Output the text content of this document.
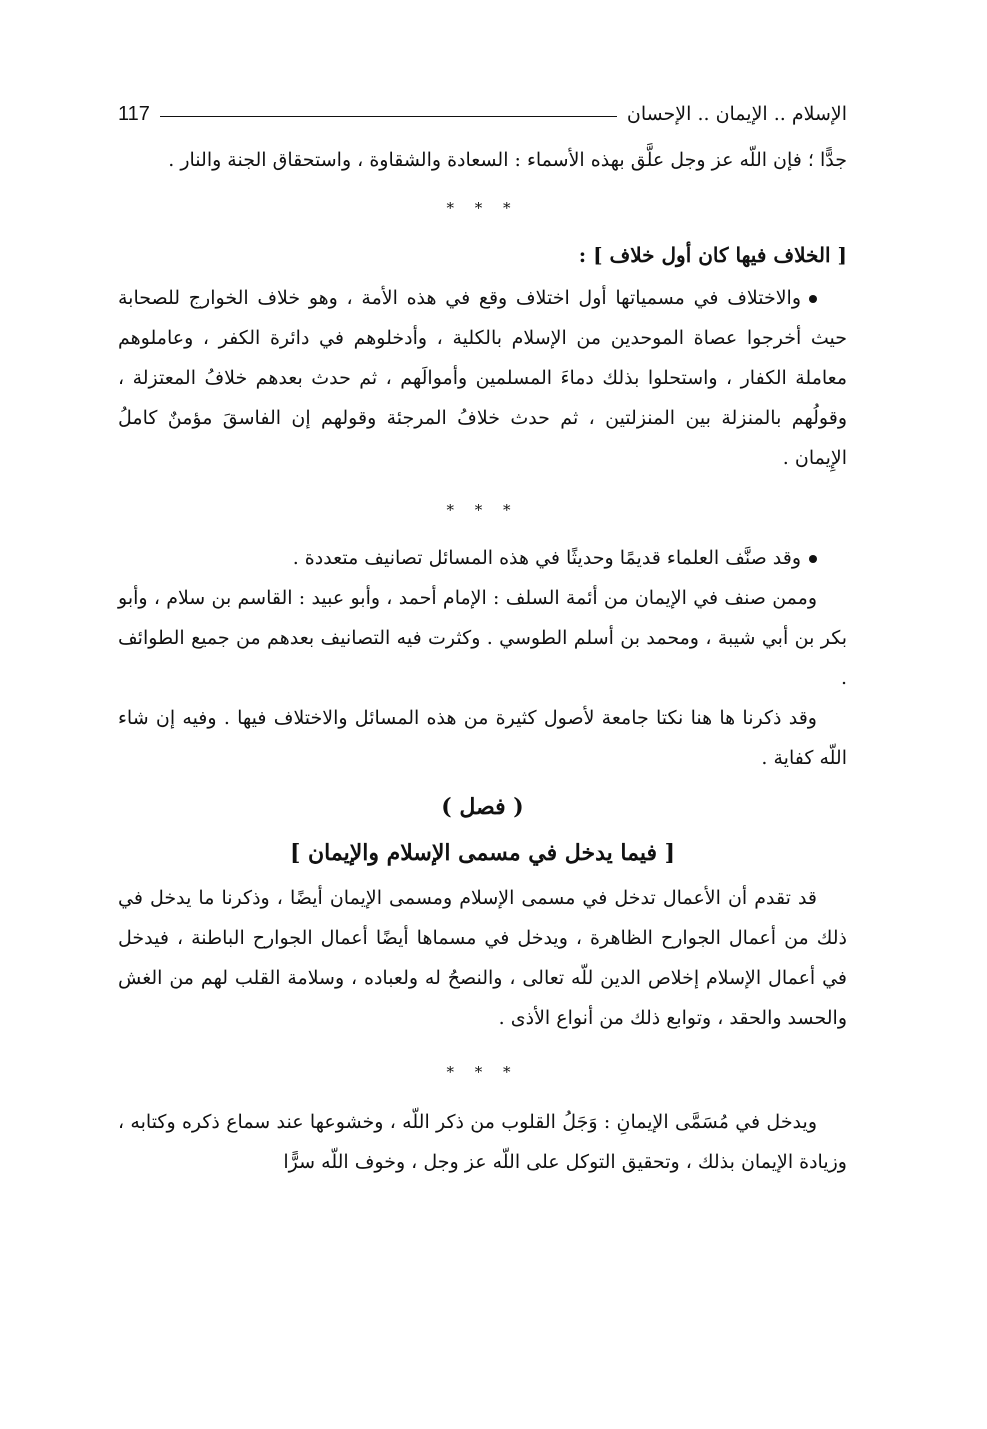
الإسلام .. الإيمان .. الإحسان
117

جدًّا ؛ فإن اللّه عز وجل علَّق بهذه الأسماء : السعادة والشقاوة ، واستحقاق الجنة والنار .

* * *
[ الخلاف فيها كان أول خلاف ] :

والاختلاف في مسمياتها أول اختلاف وقع في هذه الأمة ، وهو خلاف الخوارج للصحابة حيث أخرجوا عصاة الموحدين من الإسلام بالكلية ، وأدخلوهم في دائرة الكفر ، وعاملوهم معاملة الكفار ، واستحلوا بذلك دماءَ المسلمين وأموالَهم ، ثم حدث بعدهم خلافُ المعتزلة ، وقولُهم بالمنزلة بين المنزلتين ، ثم حدث خلافُ المرجئة وقولهم إن الفاسقَ مؤمنٌ كاملُ الإِيمان .

* * *

وقد صنَّف العلماء قديمًا وحديثًا في هذه المسائل تصانيف متعددة .

وممن صنف في الإيمان من أئمة السلف : الإمام أحمد ، وأبو عبيد : القاسم بن سلام ، وأبو بكر بن أبي شيبة ، ومحمد بن أسلم الطوسي . وكثرت فيه التصانيف بعدهم من جميع الطوائف .

وقد ذكرنا ها هنا نكتا جامعة لأصول كثيرة من هذه المسائل والاختلاف فيها . وفيه إن شاء اللّه كفاية .

( فصل )
[ فيما يدخل في مسمى الإسلام والإيمان ]

قد تقدم أن الأعمال تدخل في مسمى الإسلام ومسمى الإيمان أيضًا ، وذكرنا ما يدخل في ذلك من أعمال الجوارح الظاهرة ، ويدخل في مسماها أيضًا أعمال الجوارح الباطنة ، فيدخل في أعمال الإسلام إخلاص الدين للّه تعالى ، والنصحُ له ولعباده ، وسلامة القلب لهم من الغش والحسد والحقد ، وتوابع ذلك من أنواع الأذى .

* * *

ويدخل في مُسَمَّى الإيمانِ : وَجَلُ القلوب من ذكر اللّه ، وخشوعها عند سماع ذكره وكتابه ، وزيادة الإيمان بذلك ، وتحقيق التوكل على اللّه عز وجل ، وخوف اللّه سرًّا
